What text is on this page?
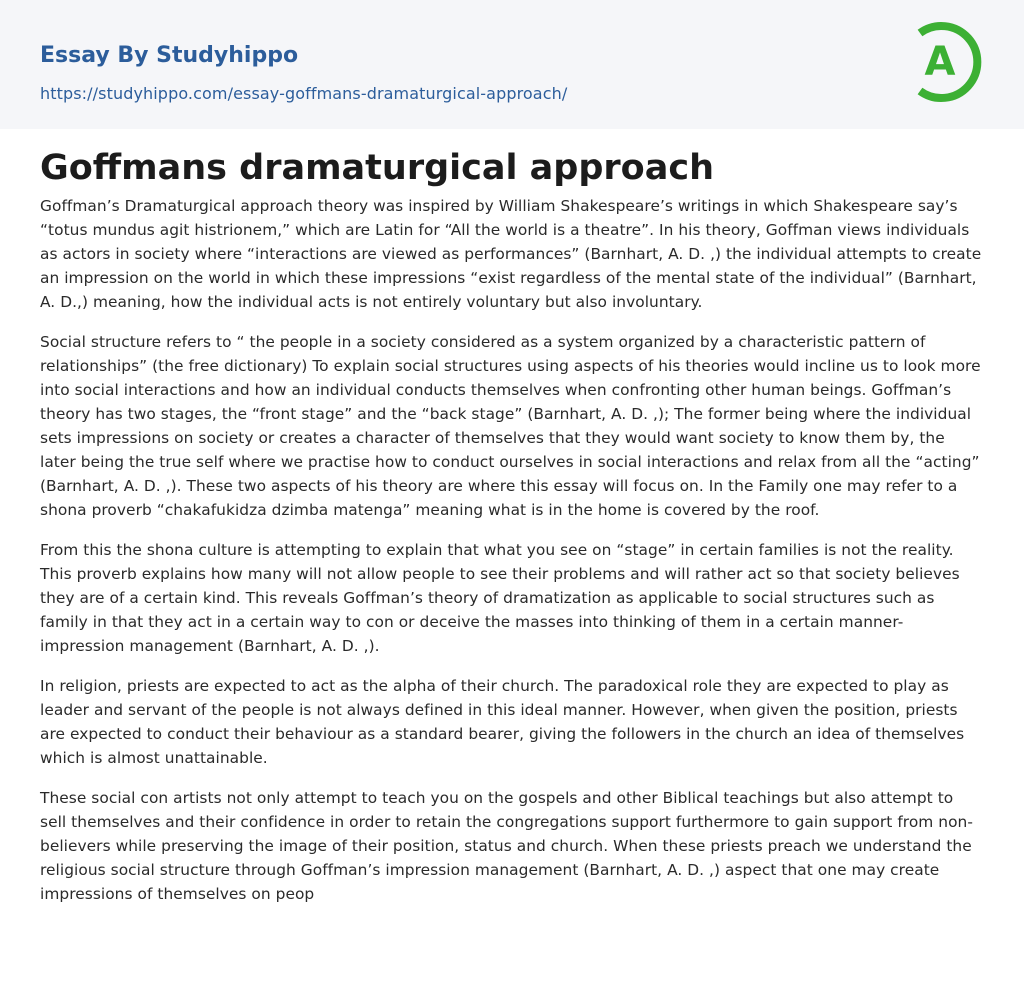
Essay By Studyhippo
https://studyhippo.com/essay-goffmans-dramaturgical-approach/
A
Goffmans dramaturgical approach

Goffman’s Dramaturgical approach theory was inspired by William Shakespeare’s writings in which Shakespeare say’s “totus mundus agit histrionem,” which are Latin for “All the world is a theatre”. In his theory, Goffman views individuals as actors in society where “interactions are viewed as performances” (Barnhart, A. D. ,) the individual attempts to create an impression on the world in which these impressions “exist regardless of the mental state of the individual” (Barnhart, A. D.,) meaning, how the individual acts is not entirely voluntary but also involuntary.

Social structure refers to “ the people in a society considered as a system organized by a characteristic pattern of relationships” (the free dictionary) To explain social structures using aspects of his theories would incline us to look more into social interactions and how an individual conducts themselves when confronting other human beings. Goffman’s theory has two stages, the “front stage” and the “back stage” (Barnhart, A. D. ,); The former being where the individual sets impressions on society or creates a character of themselves that they would want society to know them by, the later being the true self where we practise how to conduct ourselves in social interactions and relax from all the “acting” (Barnhart, A. D. ,). These two aspects of his theory are where this essay will focus on. In the Family one may refer to a shona proverb “chakafukidza dzimba matenga” meaning what is in the home is covered by the roof.

From this the shona culture is attempting to explain that what you see on “stage” in certain families is not the reality. This proverb explains how many will not allow people to see their problems and will rather act so that society believes they are of a certain kind. This reveals Goffman’s theory of dramatization as applicable to social structures such as family in that they act in a certain way to con or deceive the masses into thinking of them in a certain manner- impression management (Barnhart, A. D. ,).

In religion, priests are expected to act as the alpha of their church. The paradoxical role they are expected to play as leader and servant of the people is not always defined in this ideal manner. However, when given the position, priests are expected to conduct their behaviour as a standard bearer, giving the followers in the church an idea of themselves which is almost unattainable.

These social con artists not only attempt to teach you on the gospels and other Biblical teachings but also attempt to sell themselves and their confidence in order to retain the congregations support furthermore to gain support from non-believers while preserving the image of their position, status and church. When these priests preach we understand the religious social structure through Goffman’s impression management (Barnhart, A. D. ,) aspect that one may create impressions of themselves on peop
